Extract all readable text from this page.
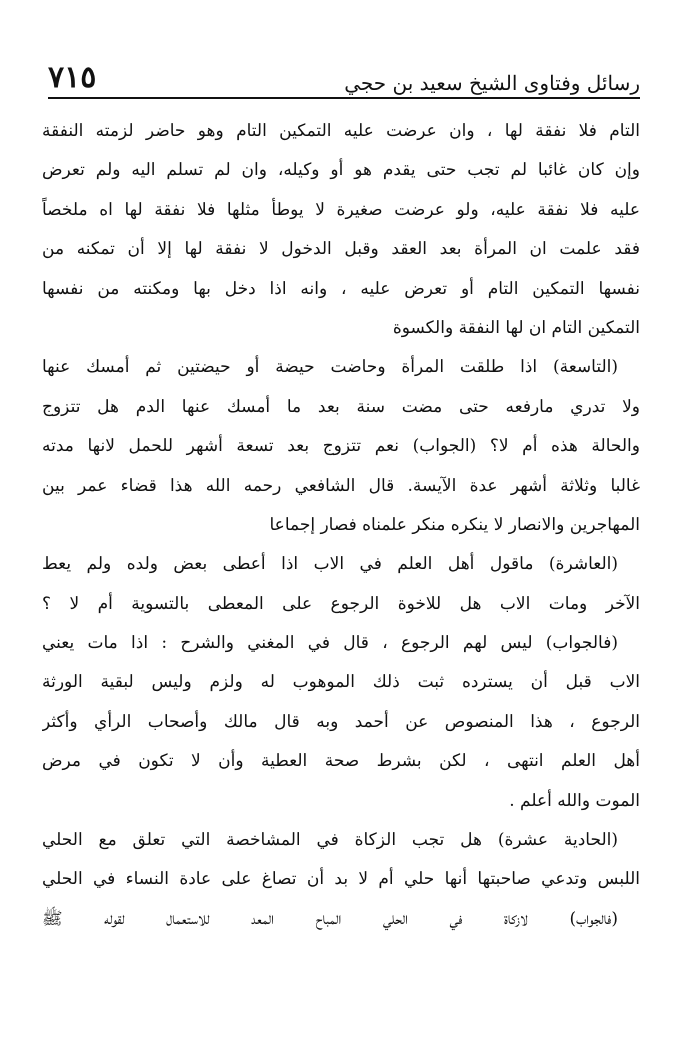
٧١٥	رسائل وفتاوى الشيخ سعيد بن حجي
التام فلا نفقة لها ، وان عرضت عليه التمكين التام وهو حاضر لزمته النفقة
وإن كان غائبا لم تجب حتى يقدم هو أو وكيله، وان لم تسلم اليه ولم تعرض
عليه فلا نفقة عليه، ولو عرضت صغيرة لا يوطأ مثلها فلا نفقة لها اه ملخصاً
فقد علمت ان المرأة بعد العقد وقبل الدخول لا نفقة لها إلا أن تمكنه من
نفسها التمكين التام أو تعرض عليه ، وانه اذا دخل بها ومكنته من نفسها
التمكين التام ان لها النفقة والكسوة
(التاسعة) اذا طلقت المرأة وحاضت حيضة أو حيضتين ثم أمسك عنها
ولا تدري مارفعه حتى مضت سنة بعد ما أمسك عنها الدم هل تتزوج
والحالة هذه أم لا؟ (الجواب) نعم تتزوج بعد تسعة أشهر للحمل لانها مدته
غالبا وثلاثة أشهر عدة الآيسة. قال الشافعي رحمه الله هذا قضاء عمر بين
المهاجرين والانصار لا ينكره منكر علمناه فصار إجماعا
(العاشرة) ماقول أهل العلم في الاب اذا أعطى بعض ولده ولم يعط
الآخر ومات الاب هل للاخوة الرجوع على المعطى بالتسوية أم لا ؟
(فالجواب) ليس لهم الرجوع ، قال في المغني والشرح : اذا مات يعني
الاب قبل أن يسترده ثبت ذلك الموهوب له ولزم وليس لبقية الورثة
الرجوع ، هذا المنصوص عن أحمد وبه قال مالك وأصحاب الرأي وأكثر
أهل العلم انتهى ، لكن بشرط صحة العطية وأن لا تكون في مرض
الموت والله أعلم .
(الحادية عشرة) هل تجب الزكاة في المشاخصة التي تعلق مع الحلي
اللبس وتدعي صاحبتها أنها حلي أم لا بد أن تصاغ على عادة النساء في الحلي
(فالجواب) لازكاة في الحلي المباح المعد للاستعمال لقوله ﷺ
